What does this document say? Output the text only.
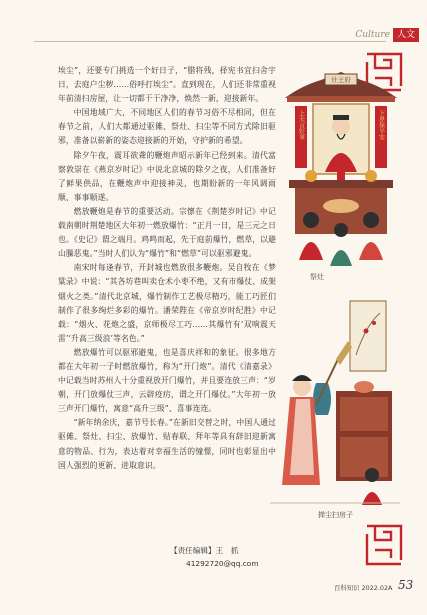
Culture 人文

埃尘”，还要专门挑选一个好日子，“腊将残，择宪书宜扫舍宇日，去庭户尘秽……俗呼打埃尘”。直到现在，人们还非常重视年前清扫房屋，让一切都干干净净，焕然一新，迎接新年。

中国地域广大，不同地区人们的春节习俗不尽相同，但在春节之前，人们大都通过驱傩、祭灶、扫尘等不同方式除旧驱邪，准备以崭新的姿态迎接新的开始，守护新的希望。

除夕午夜，震耳欲聋的鞭炮声昭示新年已经到来。清代富察敦崇在《燕京岁时记》中说北京城的除夕之夜，人们准备好了鲜果供品，在鞭炮声中迎接神灵，也期盼新的一年风调雨顺、事事顺遂。

燃放鞭炮是春节的重要活动。宗懔在《荆楚岁时记》中记载南朝时荆楚地区大年初一燃放爆竹：“正月一日，是三元之日也。《史记》谓之端月。鸡鸣而起，先于庭前爆竹，燃草，以避山臊恶鬼。”当时人们认为“爆竹”和“燃草”可以驱邪避鬼。

南宋时每逢春节，开封城也燃放很多鞭炮。吴自牧在《梦粱录》中说：“其各坊巷叫卖仓术小枣不绝，又有市爆仗、成架烟火之类。”清代北京城，爆竹制作工艺极尽精巧，能工巧匠们制作了很多绚烂多彩的爆竹。潘荣陛在《帝京岁时纪胜》中记载：“烟火、花炮之盛，京师极尽工巧……其爆竹有‘双响震天雷’‘升高三级浪’等名色。”

燃放爆竹可以驱邪避鬼，也是喜庆祥和的象征。很多地方都在大年初一子时燃放爆竹，称为“开门炮”。清代《清嘉录》中记载当时苏州人十分重视放开门爆竹，并且要连放三声：“岁朝，开门放爆仗三声，云辟疫疠，谓之开门爆仗。”大年初一放三声开门爆竹，寓意“高升三级”、喜事连连。

“新年纳余庆，嘉节号长春。”在新旧交替之时，中国人通过驱傩、祭灶、扫尘、放爆竹、贴春联、拜年等具有辞旧迎新寓意的物品、行为，表达着对幸福生活的憧憬，同时也彰显出中国人强烈的更新、进取意识。

【责任编辑】王　抓
41292720@qq.com
灶王府
上天言好事	下界保平安
祭灶
掸尘扫房子
百科知识 2022.02A 53
